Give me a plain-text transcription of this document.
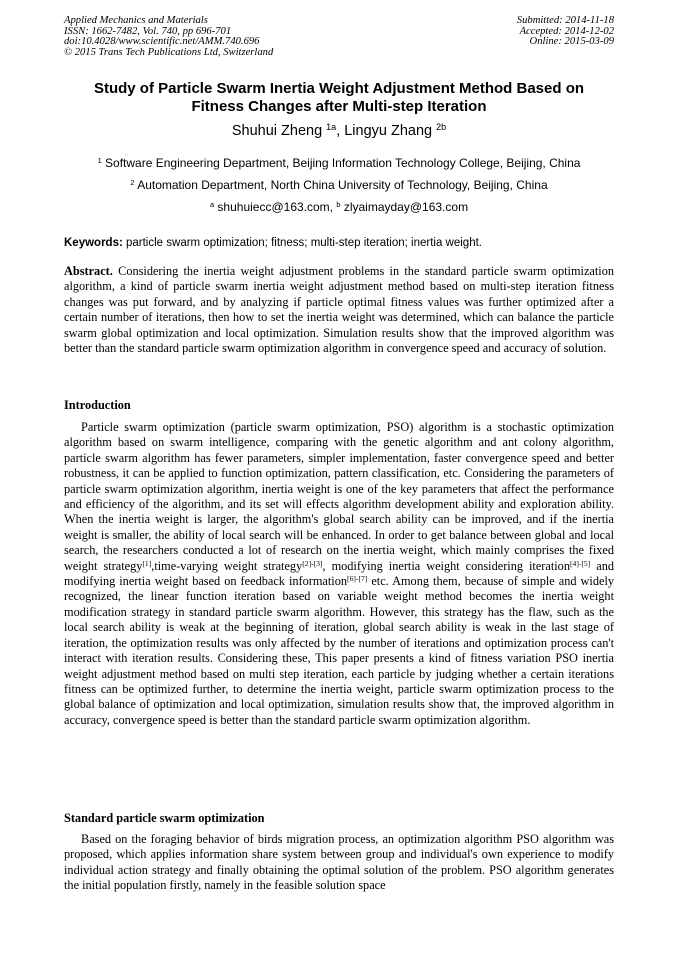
Applied Mechanics and Materials
ISSN: 1662-7482, Vol. 740, pp 696-701
doi:10.4028/www.scientific.net/AMM.740.696
© 2015 Trans Tech Publications Ltd, Switzerland
Submitted: 2014-11-18
Accepted: 2014-12-02
Online: 2015-03-09
Study of Particle Swarm Inertia Weight Adjustment Method Based on
Fitness Changes after Multi-step Iteration
Shuhui Zheng $^{1a}$, Lingyu Zhang $^{2b}$
$^1$ Software Engineering Department, Beijing Information Technology College, Beijing, China
$^2$ Automation Department, North China University of Technology, Beijing, China
$^a$ shuhuiecc@163.com, $^b$ zlyaimayday@163.com
Keywords: particle swarm optimization; fitness; multi-step iteration; inertia weight.
Abstract. Considering the inertia weight adjustment problems in the standard particle swarm optimization algorithm, a kind of particle swarm inertia weight adjustment method based on multi-step iteration fitness changes was put forward, and by analyzing if particle optimal fitness values was further optimized after a certain number of iterations, then how to set the inertia weight was determined, which can balance the particle swarm global optimization and local optimization. Simulation results show that the improved algorithm was better than the standard particle swarm optimization algorithm in convergence speed and accuracy of solution.
Introduction
Particle swarm optimization (particle swarm optimization, PSO) algorithm is a stochastic optimization algorithm based on swarm intelligence, comparing with the genetic algorithm and ant colony algorithm, particle swarm algorithm has fewer parameters, simpler implementation, faster convergence speed and better robustness, it can be applied to function optimization, pattern classification, etc. Considering the parameters of particle swarm optimization algorithm, inertia weight is one of the key parameters that affect the performance and efficiency of the algorithm, and its set will effects algorithm development ability and exploration ability. When the inertia weight is larger, the algorithm's global search ability can be improved, and if the inertia weight is smaller, the ability of local search will be enhanced. In order to get balance between global and local search, the researchers conducted a lot of research on the inertia weight, which mainly comprises the fixed weight strategy[1],time-varying weight strategy[2]-[3], modifying inertia weight considering iteration[4]-[5] and modifying inertia weight based on feedback information[6]-[7] etc. Among them, because of simple and widely recognized, the linear function iteration based on variable weight method becomes the inertia weight modification strategy in standard particle swarm algorithm. However, this strategy has the flaw, such as the local search ability is weak at the beginning of iteration, global search ability is weak in the last stage of iteration, the optimization results was only affected by the number of iterations and optimization process can't interact with iteration results. Considering these, This paper presents a kind of fitness variation PSO inertia weight adjustment method based on multi step iteration, each particle by judging whether a certain iterations fitness can be optimized further, to determine the inertia weight, particle swarm optimization process to the global balance of optimization and local optimization, simulation results show that, the improved algorithm in accuracy, convergence speed is better than the standard particle swarm optimization algorithm.
Standard particle swarm optimization
Based on the foraging behavior of birds migration process, an optimization algorithm PSO algorithm was proposed, which applies information share system between group and individual's own experience to modify individual action strategy and finally obtaining the optimal solution of the problem. PSO algorithm generates the initial population firstly, namely in the feasible solution space
